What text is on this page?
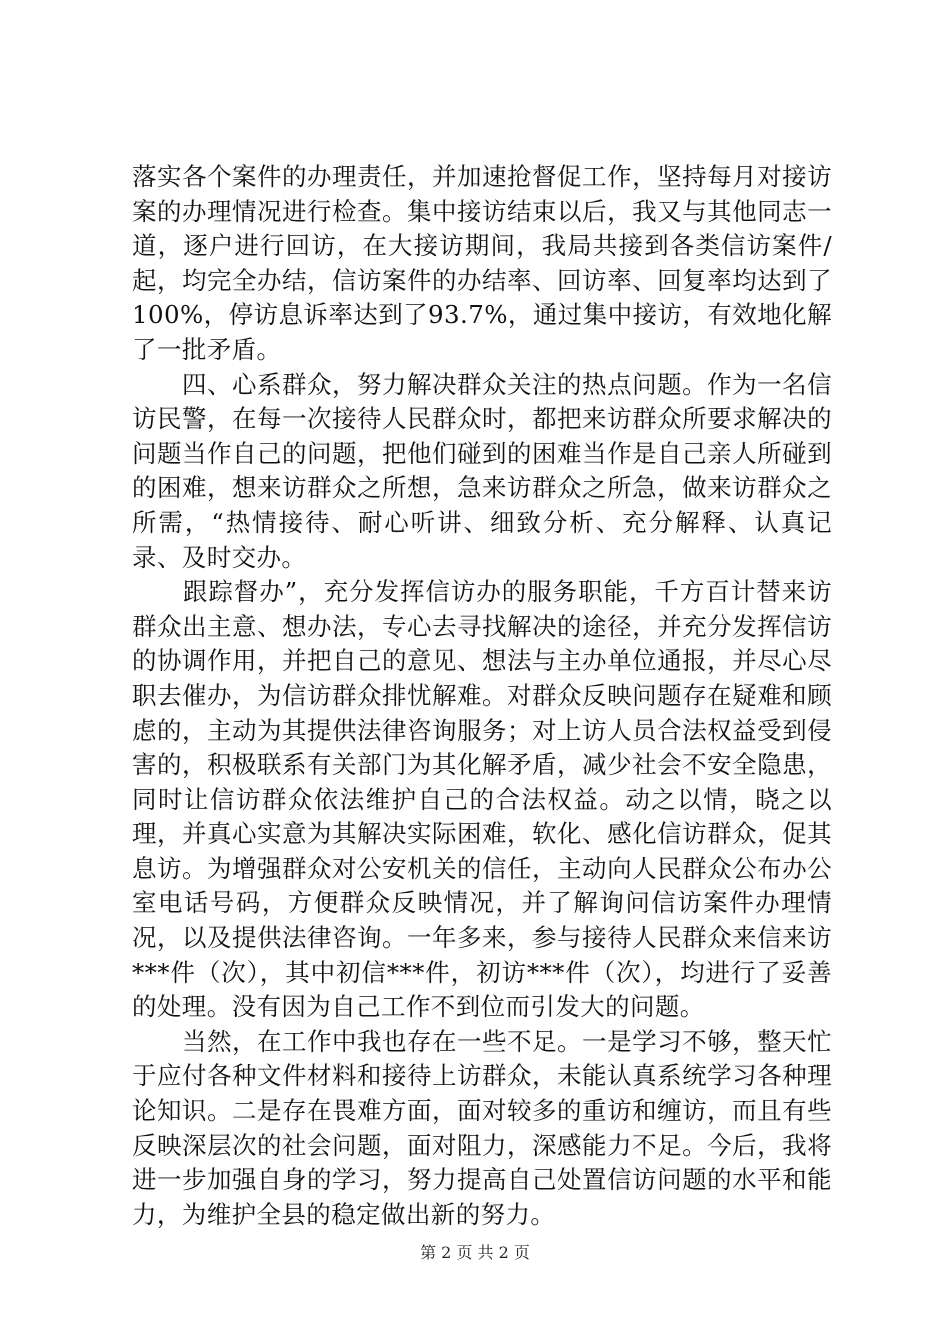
落实各个案件的办理责任，并加速抢督促工作，坚持每月对接访案的办理情况进行检查。集中接访结束以后，我又与其他同志一道，逐户进行回访，在大接访期间，我局共接到各类信访案件/起，均完全办结，信访案件的办结率、回访率、回复率均达到了100%，停访息诉率达到了93.7%，通过集中接访，有效地化解了一批矛盾。

　　四、心系群众，努力解决群众关注的热点问题。作为一名信访民警，在每一次接待人民群众时，都把来访群众所要求解决的问题当作自己的问题，把他们碰到的困难当作是自己亲人所碰到的困难，想来访群众之所想，急来访群众之所急，做来访群众之所需，“热情接待、耐心听讲、细致分析、充分解释、认真记录、及时交办。

　　跟踪督办”，充分发挥信访办的服务职能，千方百计替来访群众出主意、想办法，专心去寻找解决的途径，并充分发挥信访的协调作用，并把自己的意见、想法与主办单位通报，并尽心尽职去催办，为信访群众排忧解难。对群众反映问题存在疑难和顾虑的，主动为其提供法律咨询服务；对上访人员合法权益受到侵害的，积极联系有关部门为其化解矛盾，减少社会不安全隐患，同时让信访群众依法维护自己的合法权益。动之以情，晓之以理，并真心实意为其解决实际困难，软化、感化信访群众，促其息访。为增强群众对公安机关的信任，主动向人民群众公布办公室电话号码，方便群众反映情况，并了解询问信访案件办理情况，以及提供法律咨询。一年多来，参与接待人民群众来信来访***件（次），其中初信***件，初访***件（次），均进行了妥善的处理。没有因为自己工作不到位而引发大的问题。

　　当然，在工作中我也存在一些不足。一是学习不够，整天忙于应付各种文件材料和接待上访群众，未能认真系统学习各种理论知识。二是存在畏难方面，面对较多的重访和缠访，而且有些反映深层次的社会问题，面对阻力，深感能力不足。今后，我将进一步加强自身的学习，努力提高自己处置信访问题的水平和能力，为维护全县的稳定做出新的努力。

第 2 页 共 2 页
